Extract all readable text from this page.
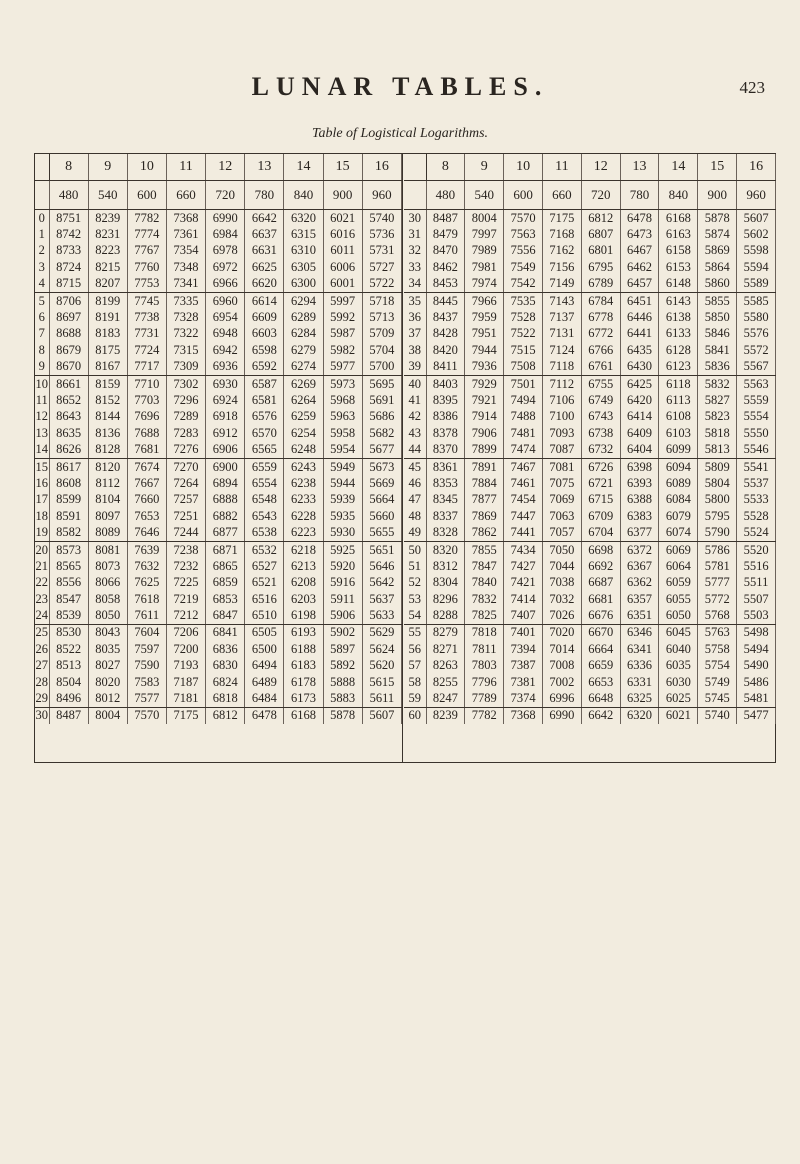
LUNAR TABLES.	423
Table of Logistical Logarithms.
	8	9	10	11	12	13	14	15	16
	480	540	600	660	720	780	840	900	960
0	8751	8239	7782	7368	6990	6642	6320	6021	5740
1	8742	8231	7774	7361	6984	6637	6315	6016	5736
2	8733	8223	7767	7354	6978	6631	6310	6011	5731
3	8724	8215	7760	7348	6972	6625	6305	6006	5727
4	8715	8207	7753	7341	6966	6620	6300	6001	5722
5	8706	8199	7745	7335	6960	6614	6294	5997	5718
6	8697	8191	7738	7328	6954	6609	6289	5992	5713
7	8688	8183	7731	7322	6948	6603	6284	5987	5709
8	8679	8175	7724	7315	6942	6598	6279	5982	5704
9	8670	8167	7717	7309	6936	6592	6274	5977	5700
10	8661	8159	7710	7302	6930	6587	6269	5973	5695
11	8652	8152	7703	7296	6924	6581	6264	5968	5691
12	8643	8144	7696	7289	6918	6576	6259	5963	5686
13	8635	8136	7688	7283	6912	6570	6254	5958	5682
14	8626	8128	7681	7276	6906	6565	6248	5954	5677
15	8617	8120	7674	7270	6900	6559	6243	5949	5673
16	8608	8112	7667	7264	6894	6554	6238	5944	5669
17	8599	8104	7660	7257	6888	6548	6233	5939	5664
18	8591	8097	7653	7251	6882	6543	6228	5935	5660
19	8582	8089	7646	7244	6877	6538	6223	5930	5655
20	8573	8081	7639	7238	6871	6532	6218	5925	5651
21	8565	8073	7632	7232	6865	6527	6213	5920	5646
22	8556	8066	7625	7225	6859	6521	6208	5916	5642
23	8547	8058	7618	7219	6853	6516	6203	5911	5637
24	8539	8050	7611	7212	6847	6510	6198	5906	5633
25	8530	8043	7604	7206	6841	6505	6193	5902	5629
26	8522	8035	7597	7200	6836	6500	6188	5897	5624
27	8513	8027	7590	7193	6830	6494	6183	5892	5620
28	8504	8020	7583	7187	6824	6489	6178	5888	5615
29	8496	8012	7577	7181	6818	6484	6173	5883	5611
30	8487	8004	7570	7175	6812	6478	6168	5878	5607
	8	9	10	11	12	13	14	15	16
	480	540	600	660	720	780	840	900	960
30	8487	8004	7570	7175	6812	6478	6168	5878	5607
31	8479	7997	7563	7168	6807	6473	6163	5874	5602
32	8470	7989	7556	7162	6801	6467	6158	5869	5598
33	8462	7981	7549	7156	6795	6462	6153	5864	5594
34	8453	7974	7542	7149	6789	6457	6148	5860	5589
35	8445	7966	7535	7143	6784	6451	6143	5855	5585
36	8437	7959	7528	7137	6778	6446	6138	5850	5580
37	8428	7951	7522	7131	6772	6441	6133	5846	5576
38	8420	7944	7515	7124	6766	6435	6128	5841	5572
39	8411	7936	7508	7118	6761	6430	6123	5836	5567
40	8403	7929	7501	7112	6755	6425	6118	5832	5563
41	8395	7921	7494	7106	6749	6420	6113	5827	5559
42	8386	7914	7488	7100	6743	6414	6108	5823	5554
43	8378	7906	7481	7093	6738	6409	6103	5818	5550
44	8370	7899	7474	7087	6732	6404	6099	5813	5546
45	8361	7891	7467	7081	6726	6398	6094	5809	5541
46	8353	7884	7461	7075	6721	6393	6089	5804	5537
47	8345	7877	7454	7069	6715	6388	6084	5800	5533
48	8337	7869	7447	7063	6709	6383	6079	5795	5528
49	8328	7862	7441	7057	6704	6377	6074	5790	5524
50	8320	7855	7434	7050	6698	6372	6069	5786	5520
51	8312	7847	7427	7044	6692	6367	6064	5781	5516
52	8304	7840	7421	7038	6687	6362	6059	5777	5511
53	8296	7832	7414	7032	6681	6357	6055	5772	5507
54	8288	7825	7407	7026	6676	6351	6050	5768	5503
55	8279	7818	7401	7020	6670	6346	6045	5763	5498
56	8271	7811	7394	7014	6664	6341	6040	5758	5494
57	8263	7803	7387	7008	6659	6336	6035	5754	5490
58	8255	7796	7381	7002	6653	6331	6030	5749	5486
59	8247	7789	7374	6996	6648	6325	6025	5745	5481
60	8239	7782	7368	6990	6642	6320	6021	5740	5477
